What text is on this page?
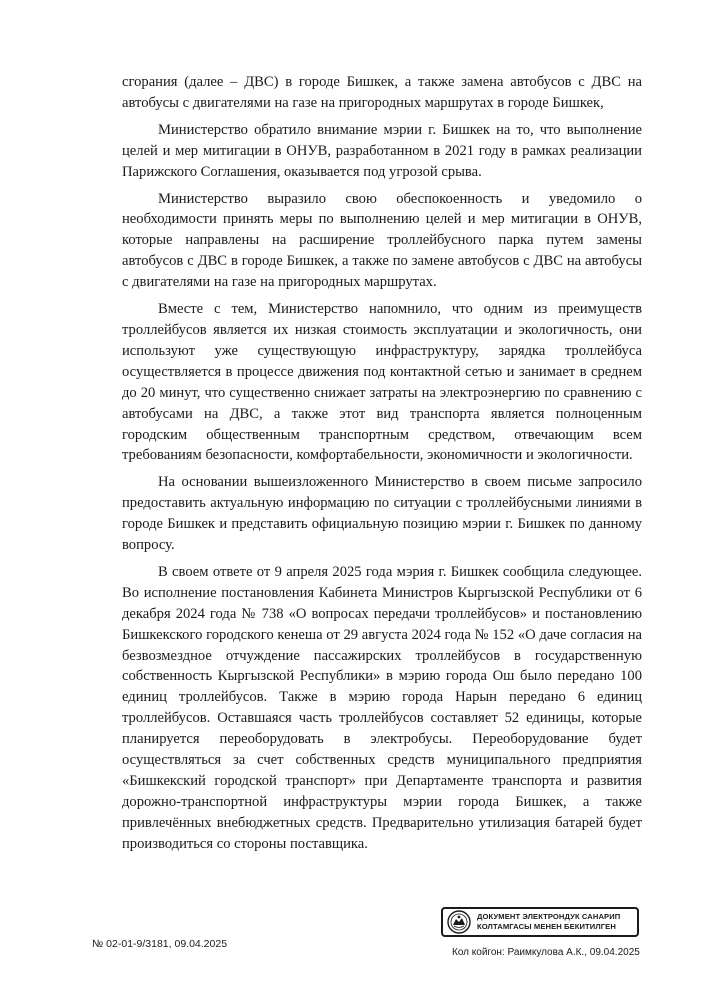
сгорания (далее – ДВС) в городе Бишкек, а также замена автобусов с ДВС на автобусы с двигателями на газе на пригородных маршрутах в городе Бишкек,

Министерство обратило внимание мэрии г. Бишкек на то, что выполнение целей и мер митигации в ОНУВ, разработанном в 2021 году в рамках реализации Парижского Соглашения, оказывается под угрозой срыва.

Министерство выразило свою обеспокоенность и уведомило о необходимости принять меры по выполнению целей и мер митигации в ОНУВ, которые направлены на расширение троллейбусного парка путем замены автобусов с ДВС в городе Бишкек, а также по замене автобусов с ДВС на автобусы с двигателями на газе на пригородных маршрутах.

Вместе с тем, Министерство напомнило, что одним из преимуществ троллейбусов является их низкая стоимость эксплуатации и экологичность, они используют уже существующую инфраструктуру, зарядка троллейбуса осуществляется в процессе движения под контактной сетью и занимает в среднем до 20 минут, что существенно снижает затраты на электроэнергию по сравнению с автобусами на ДВС, а также этот вид транспорта является полноценным городским общественным транспортным средством, отвечающим всем требованиям безопасности, комфортабельности, экономичности и экологичности.

На основании вышеизложенного Министерство в своем письме запросило предоставить актуальную информацию по ситуации с троллейбусными линиями в городе Бишкек и представить официальную позицию мэрии г. Бишкек по данному вопросу.

В своем ответе от 9 апреля 2025 года мэрия г. Бишкек сообщила следующее. Во исполнение постановления Кабинета Министров Кыргызской Республики от 6 декабря 2024 года № 738 «О вопросах передачи троллейбусов» и постановлению Бишкекского городского кенеша от 29 августа 2024 года № 152 «О даче согласия на безвозмездное отчуждение пассажирских троллейбусов в государственную собственность Кыргызской Республики» в мэрию города Ош было передано 100 единиц троллейбусов. Также в мэрию города Нарын передано 6 единиц троллейбусов. Оставшаяся часть троллейбусов составляет 52 единицы, которые планируется переоборудовать в электробусы. Переоборудование будет осуществляться за счет собственных средств муниципального предприятия «Бишкекский городской транспорт» при Департаменте транспорта и развития дорожно-транспортной инфраструктуры мэрии города Бишкек, а также привлечённых внебюджетных средств. Предварительно утилизация батарей будет производиться со стороны поставщика.

ДОКУМЕНТ ЭЛЕКТРОНДУК САНАРИП
КОЛТАМГАСЫ МЕНЕН БЕКИТИЛГЕН
№ 02-01-9/3181, 09.04.2025
Кол койгон: Раимкулова А.К., 09.04.2025
